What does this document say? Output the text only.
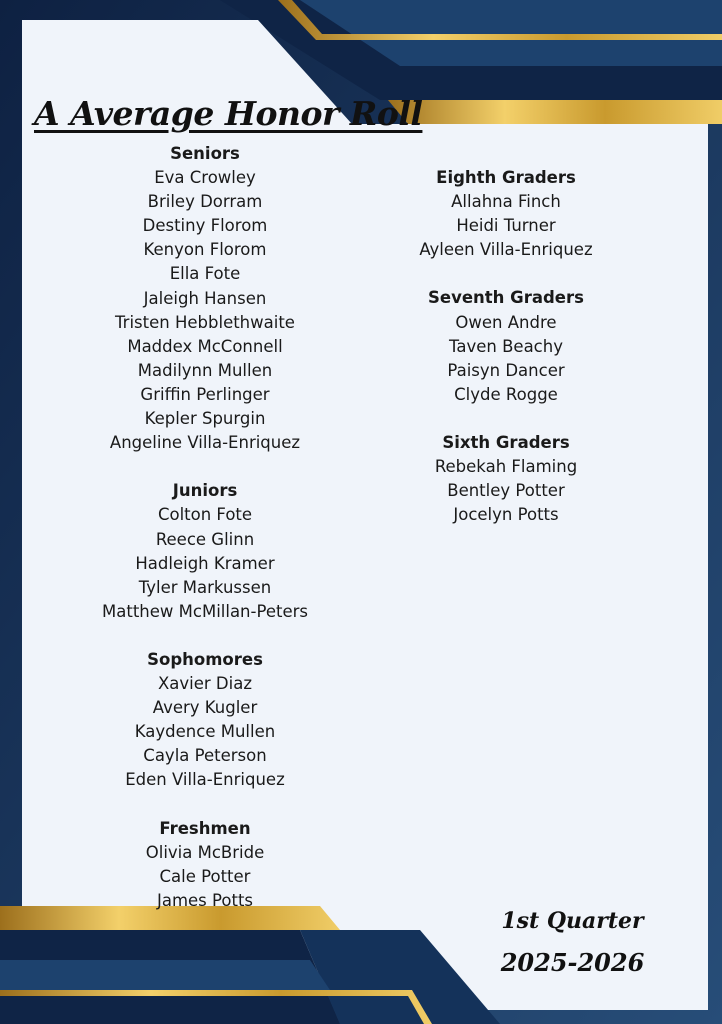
A Average Honor Roll
Seniors
Eva Crowley
Briley Dorram
Destiny Florom
Kenyon Florom
Ella Fote
Jaleigh Hansen
Tristen Hebblethwaite
Maddex McConnell
Madilynn Mullen
Griffin Perlinger
Kepler Spurgin
Angeline Villa-Enriquez
Juniors
Colton Fote
Reece Glinn
Hadleigh Kramer
Tyler Markussen
Matthew McMillan-Peters
Sophomores
Xavier Diaz
Avery Kugler
Kaydence Mullen
Cayla Peterson
Eden Villa-Enriquez
Freshmen
Olivia McBride
Cale Potter
James Potts
Eighth Graders
Allahna Finch
Heidi Turner
Ayleen Villa-Enriquez
Seventh Graders
Owen Andre
Taven Beachy
Paisyn Dancer
Clyde Rogge
Sixth Graders
Rebekah Flaming
Bentley Potter
Jocelyn Potts
1st Quarter
2025-2026
